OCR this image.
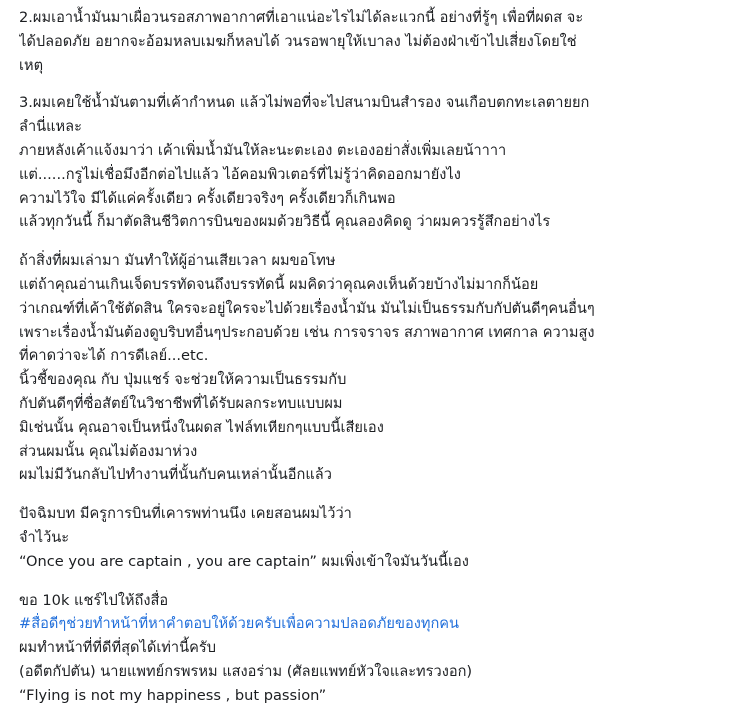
2.ผมเอาน้ำมันมาเผื่อวนรอสภาพอากาศที่เอาแน่อะไรไม่ได้ละแวกนี้ อย่างที่รู้ๆ เพื่อที่ผดส จะ
ได้ปลอดภัย อยากจะอ้อมหลบเมฆก็หลบได้ วนรอพายุให้เบาลง ไม่ต้องฝ่าเข้าไปเสี่ยงโดยใช่
เหตุ
3.ผมเคยใช้น้ำมันตามที่เค้ากำหนด แล้วไม่พอที่จะไปสนามบินสำรอง จนเกือบตกทะเลตายยก
ลำนี่แหละ
ภายหลังเค้าแจ้งมาว่า เค้าเพิ่มน้ำมันให้ละนะตะเอง ตะเองอย่าสั่งเพิ่มเลยน้าาาา
แต่......กรูไม่เชื่อมึงอีกต่อไปแล้ว ไอ้คอมพิวเตอร์ที่ไม่รู้ว่าคิดออกมายังไง
ความไว้ใจ มีได้แค่ครั้งเดียว ครั้งเดียวจริงๆ ครั้งเดียวก็เกินพอ
แล้วทุกวันนี้ ก็มาตัดสินชีวิตการบินของผมด้วยวิธีนี้ คุณลองคิดดู ว่าผมควรรู้สึกอย่างไร
ถ้าสิ่งที่ผมเล่ามา มันทำให้ผู้อ่านเสียเวลา ผมขอโทษ
แต่ถ้าคุณอ่านเกินเจ็ดบรรทัดจนถึงบรรทัดนี้ ผมคิดว่าคุณคงเห็นด้วยบ้างไม่มากก็น้อย
ว่าเกณฑ์ที่เค้าใช้ตัดสิน ใครจะอยู่ใครจะไปด้วยเรื่องน้ำมัน มันไม่เป็นธรรมกับกัปตันดีๆคนอื่นๆ
เพราะเรื่องน้ำมันต้องดูบริบทอื่นๆประกอบด้วย เช่น การจราจร สภาพอากาศ เทศกาล ความสูง
ที่คาดว่าจะได้ การดีเลย์...etc.
นิ้วชี้ของคุณ กับ ปุ่มแชร์ จะช่วยให้ความเป็นธรรมกับ
กัปตันดีๆที่ซื่อสัตย์ในวิชาชีพที่ได้รับผลกระทบแบบผม
มิเช่นนั้น คุณอาจเป็นหนึ่งในผดส ไฟล์ทเหียกๆแบบนี้เสียเอง
ส่วนผมนั้น คุณไม่ต้องมาห่วง
ผมไม่มีวันกลับไปทำงานที่นั้นกับคนเหล่านั้นอีกแล้ว
ปัจฉิมบท มีครูการบินที่เคารพท่านนึง เคยสอนผมไว้ว่า
จำไว้นะ
“Once you are captain , you are captain” ผมเพิ่งเข้าใจมันวันนี้เอง
ขอ 10k แชร์ไปให้ถึงสื่อ
#สื่อดีๆช่วยทำหน้าที่หาคำตอบให้ด้วยครับเพื่อความปลอดภัยของทุกคน
ผมทำหน้าที่ที่ดีที่สุดได้เท่านี้ครับ
(อดีตกัปตัน) นายแพทย์กรพรหม แสงอร่าม (ศัลยแพทย์หัวใจและทรวงอก)
“Flying is not my happiness , but passion”
